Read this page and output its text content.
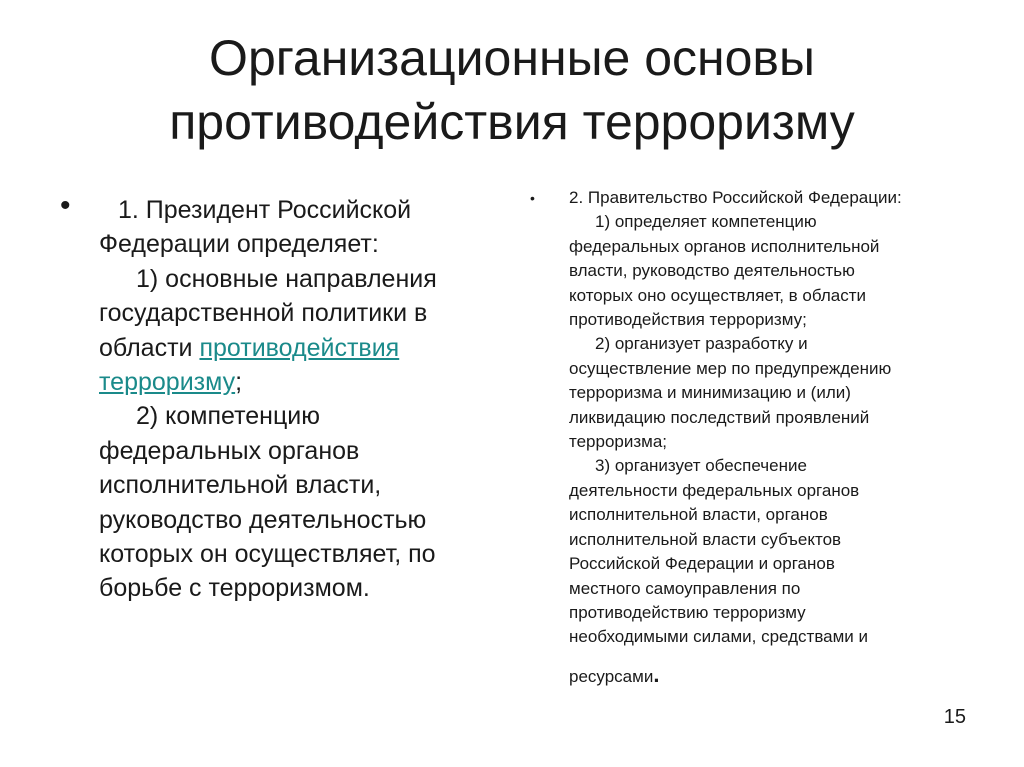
Организационные основы
противодействия терроризму
•	1. Президент Российской
Федерации определяет:
1) основные направления
государственной политики в
области противодействия
терроризму;
2) компетенцию
федеральных органов
исполнительной власти,
руководство деятельностью
которых он осуществляет, по
борьбе с терроризмом.
• 2. Правительство Российской Федерации:
1) определяет компетенцию
федеральных органов исполнительной
власти, руководство деятельностью
которых оно осуществляет, в области
противодействия терроризму;
2) организует разработку и
осуществление мер по предупреждению
терроризма и минимизацию и (или)
ликвидацию последствий проявлений
терроризма;
3) организует обеспечение
деятельности федеральных органов
исполнительной власти, органов
исполнительной власти субъектов
Российской Федерации и органов
местного самоуправления по
противодействию терроризму
необходимыми силами, средствами и
ресурсами.
15
